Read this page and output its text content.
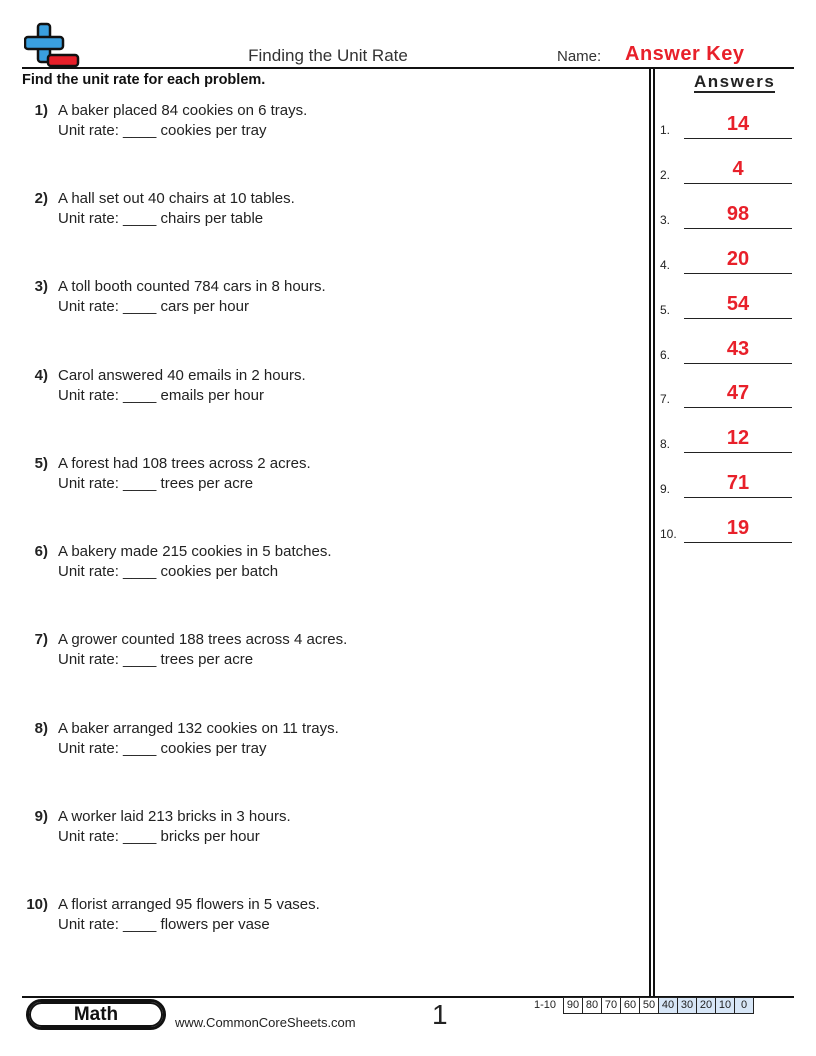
Finding the Unit Rate	Name: Answer Key
Find the unit rate for each problem.	Answers
1) A baker placed 84 cookies on 6 trays.
Unit rate: ____ cookies per tray
2) A hall set out 40 chairs at 10 tables.
Unit rate: ____ chairs per table
3) A toll booth counted 784 cars in 8 hours.
Unit rate: ____ cars per hour
4) Carol answered 40 emails in 2 hours.
Unit rate: ____ emails per hour
5) A forest had 108 trees across 2 acres.
Unit rate: ____ trees per acre
6) A bakery made 215 cookies in 5 batches.
Unit rate: ____ cookies per batch
7) A grower counted 188 trees across 4 acres.
Unit rate: ____ trees per acre
8) A baker arranged 132 cookies on 11 trays.
Unit rate: ____ cookies per tray
9) A worker laid 213 bricks in 3 hours.
Unit rate: ____ bricks per hour
10) A florist arranged 95 flowers in 5 vases.
Unit rate: ____ flowers per vase
1.	14
2.	4
3.	98
4.	20
5.	54
6.	43
7.	47
8.	12
9.	71
10.	19
Math	www.CommonCoreSheets.com	1	1-10 90 80 70 60 50 40 30 20 10 0
